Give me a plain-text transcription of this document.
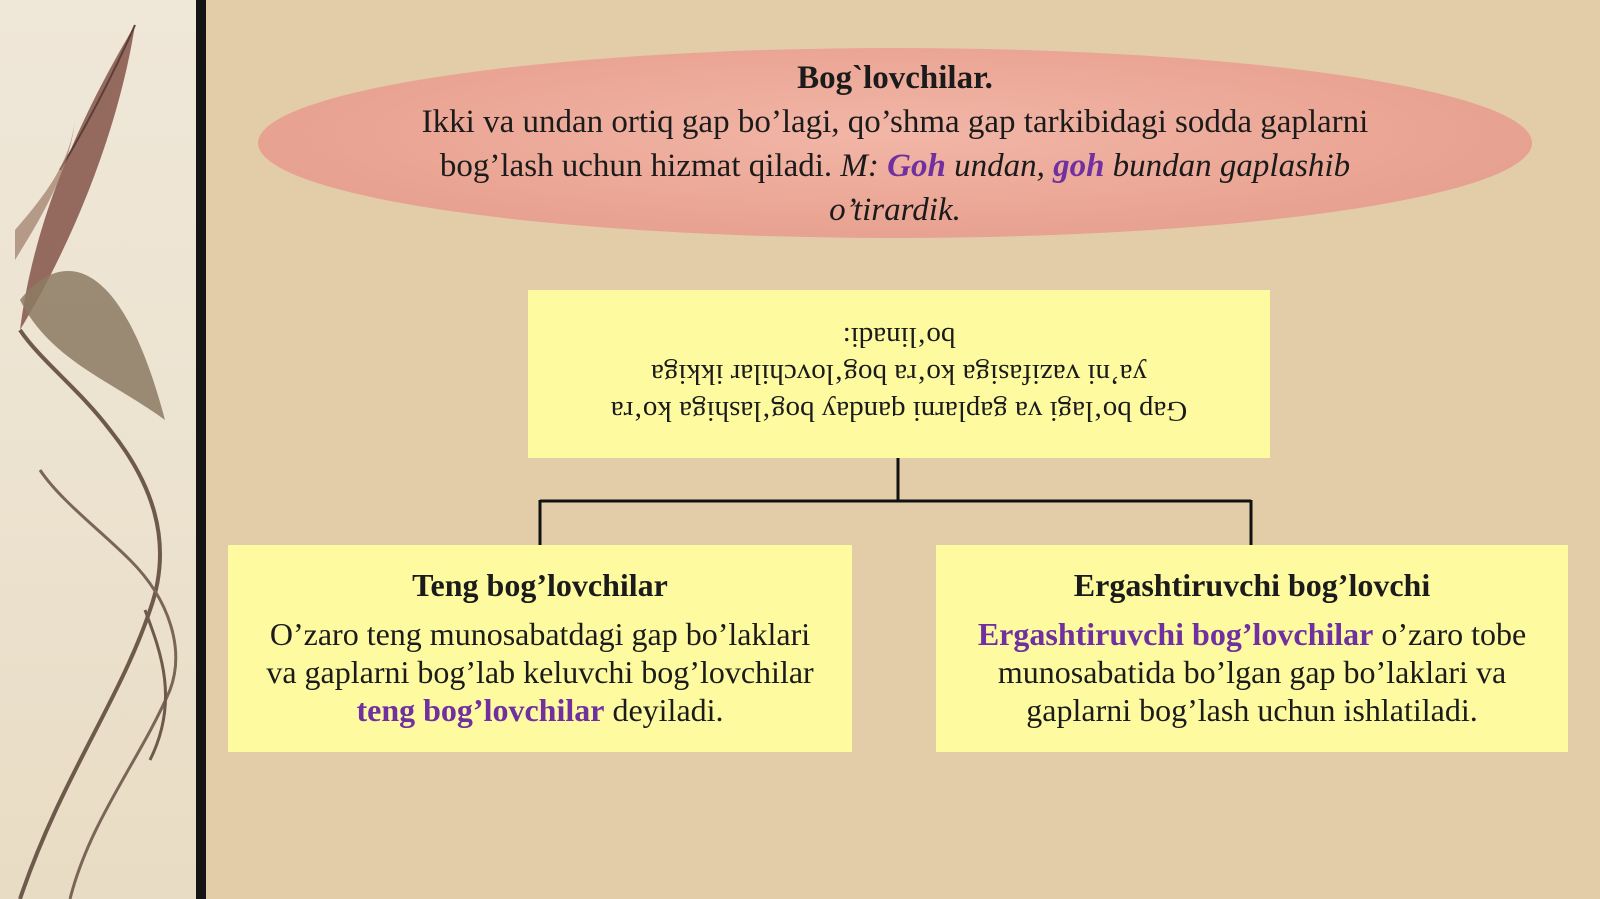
Bog`lovchilar.
Ikki va undan ortiq gap bo’lagi, qo’shma gap tarkibidagi sodda gaplarni
bog’lash uchun hizmat qiladi. M: Goh undan, goh bundan gaplashib
o’tirardik.
Gap bo‘lagi va gaplarni qanday bog‘lashiga ko‘ra
ya’ni vazifasiga ko‘ra bog‘lovchilar ikkiga
bo‘linadi:
Teng bog’lovchilar
O’zaro teng munosabatdagi gap bo’laklari
va gaplarni bog’lab keluvchi bog’lovchilar
teng bog’lovchilar deyiladi.
Ergashtiruvchi bog’lovchi
Ergashtiruvchi bog’lovchilar o’zaro tobe
munosabatida bo’lgan gap bo’laklari va
gaplarni bog’lash uchun ishlatiladi.
